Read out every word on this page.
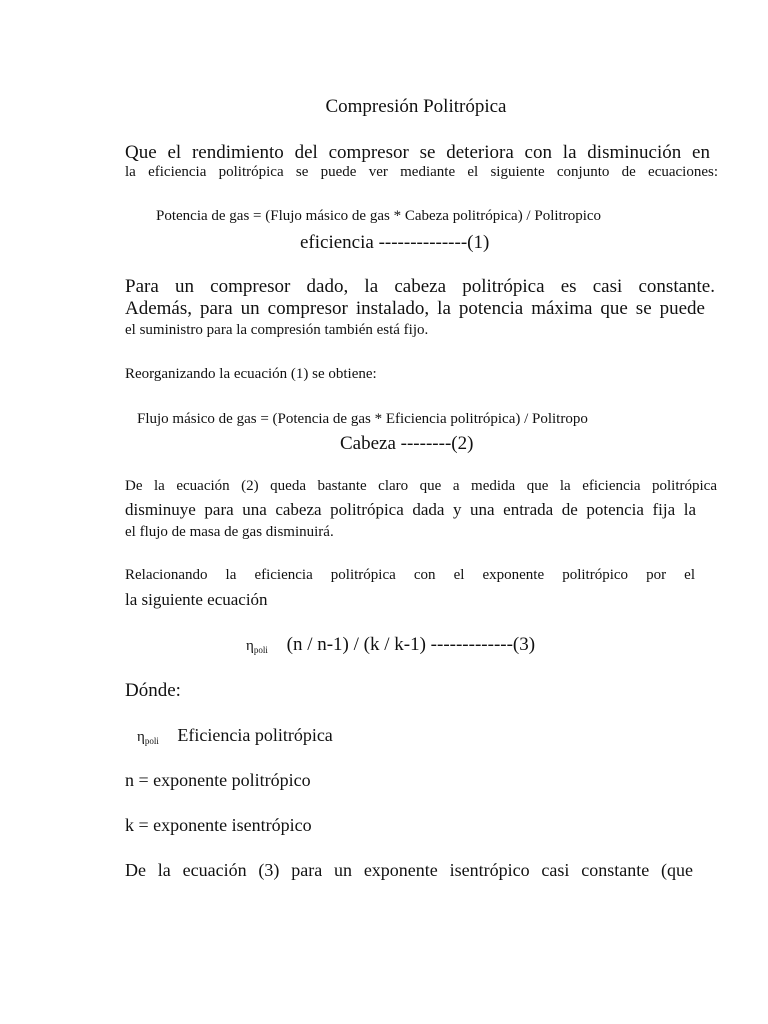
Compresión Politrópica

Que el rendimiento del compresor se deteriora con la disminución en

la eficiencia politrópica se puede ver mediante el siguiente conjunto de ecuaciones:

Potencia de gas = (Flujo másico de gas * Cabeza politrópica) / Politropico

eficiencia --------------(1)

Para un compresor dado, la cabeza politrópica es casi constante.

Además, para un compresor instalado, la potencia máxima que se puede

el suministro para la compresión también está fijo.

Reorganizando la ecuación (1) se obtiene:

Flujo másico de gas = (Potencia de gas * Eficiencia politrópica) / Politropo

Cabeza --------(2)

De la ecuación (2) queda bastante claro que a medida que la eficiencia politrópica

disminuye para una cabeza politrópica dada y una entrada de potencia fija la

el flujo de masa de gas disminuirá.

Relacionando la eficiencia politrópica con el exponente politrópico por el

la siguiente ecuación

$\eta_{poli}$ (n / n-1) / (k / k-1) -------------(3)

Dónde:

$\eta_{poli}$ Eficiencia politrópica

n = exponente politrópico

k = exponente isentrópico

De la ecuación (3) para un exponente isentrópico casi constante (que
